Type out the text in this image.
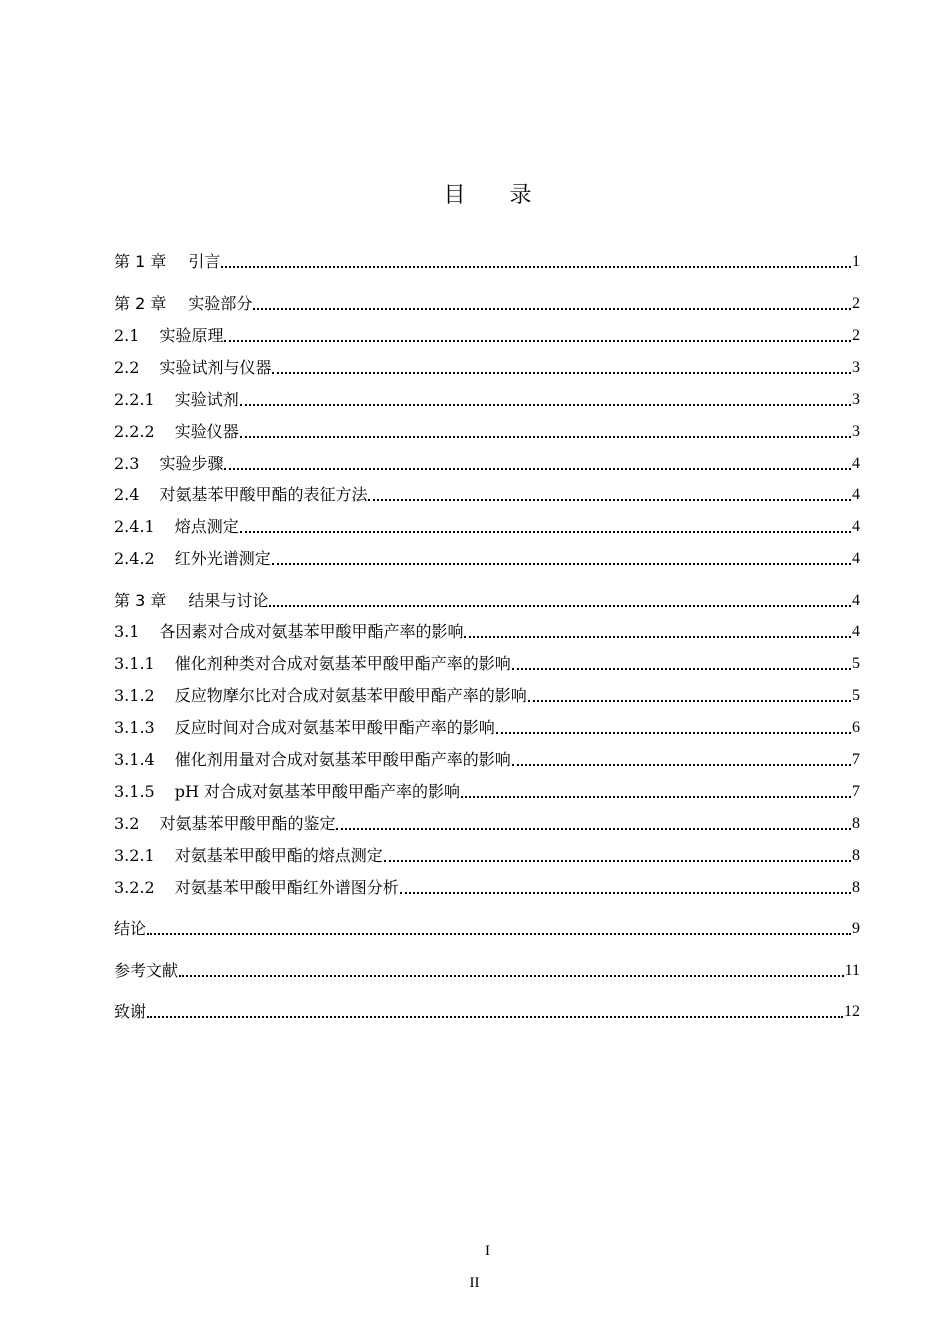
目 录
第 1 章 引言	1
第 2 章 实验部分	2
2.1 实验原理	2
2.2 实验试剂与仪器	3
2.2.1 实验试剂	3
2.2.2 实验仪器	3
2.3 实验步骤	4
2.4 对氨基苯甲酸甲酯的表征方法	4
2.4.1 熔点测定	4
2.4.2 红外光谱测定	4
第 3 章 结果与讨论	4
3.1 各因素对合成对氨基苯甲酸甲酯产率的影响	4
3.1.1 催化剂种类对合成对氨基苯甲酸甲酯产率的影响	5
3.1.2 反应物摩尔比对合成对氨基苯甲酸甲酯产率的影响	5
3.1.3 反应时间对合成对氨基苯甲酸甲酯产率的影响	6
3.1.4 催化剂用量对合成对氨基苯甲酸甲酯产率的影响	7
3.1.5 pH 对合成对氨基苯甲酸甲酯产率的影响	7
3.2 对氨基苯甲酸甲酯的鉴定	8
3.2.1 对氨基苯甲酸甲酯的熔点测定	8
3.2.2 对氨基苯甲酸甲酯红外谱图分析	8
结论	9
参考文献	11
致谢	12
I
II
